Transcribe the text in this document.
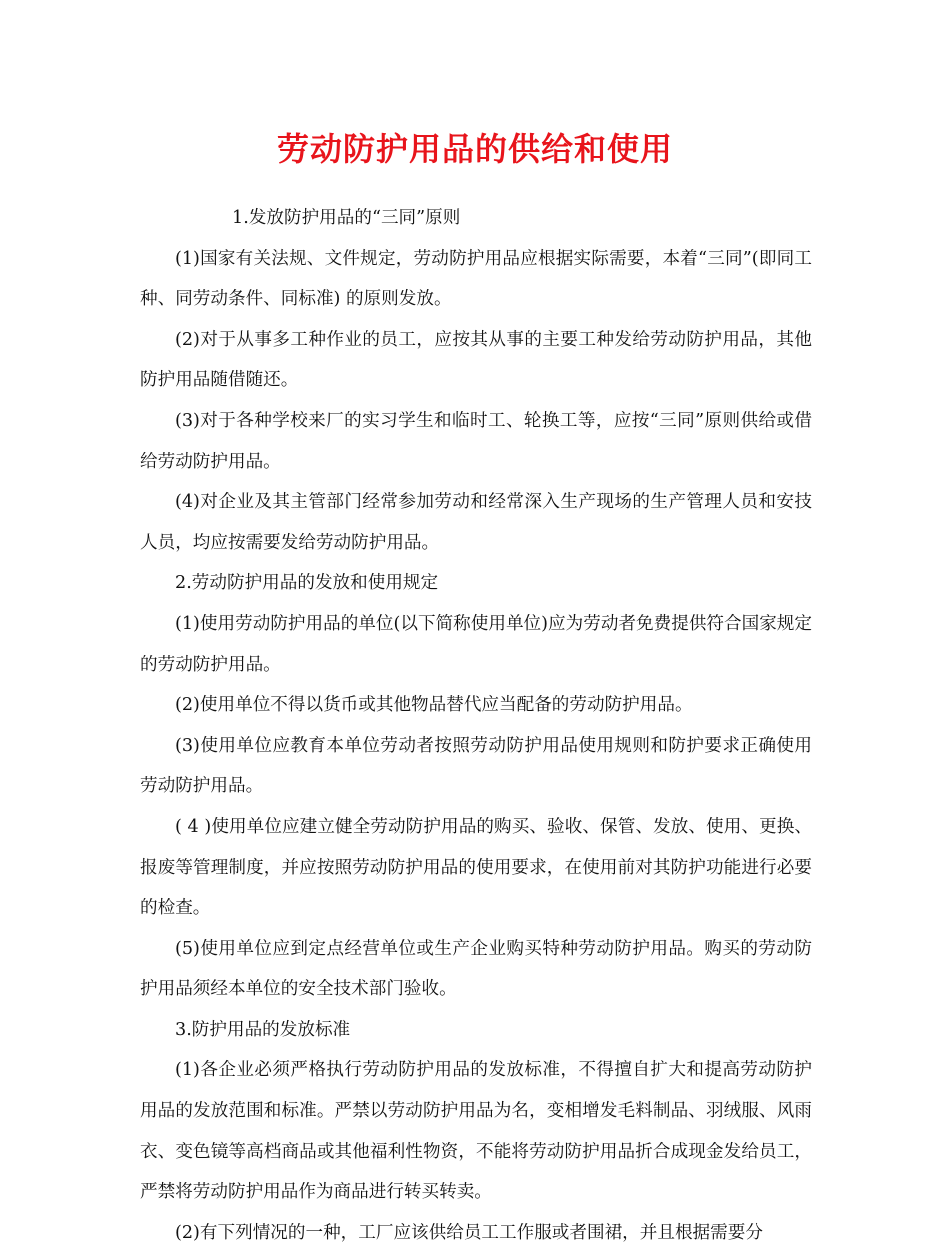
劳动防护用品的供给和使用

1.发放防护用品的“三同”原则

(1)国家有关法规、文件规定，劳动防护用品应根据实际需要，本着“三同”(即同工种、同劳动条件、同标准) 的原则发放。

(2)对于从事多工种作业的员工，应按其从事的主要工种发给劳动防护用品，其他防护用品随借随还。

(3)对于各种学校来厂的实习学生和临时工、轮换工等，应按“三同”原则供给或借给劳动防护用品。

(4)对企业及其主管部门经常参加劳动和经常深入生产现场的生产管理人员和安技人员，均应按需要发给劳动防护用品。

2.劳动防护用品的发放和使用规定

(1)使用劳动防护用品的单位(以下简称使用单位)应为劳动者免费提供符合国家规定的劳动防护用品。

(2)使用单位不得以货币或其他物品替代应当配备的劳动防护用品。

(3)使用单位应教育本单位劳动者按照劳动防护用品使用规则和防护要求正确使用劳动防护用品。

( 4 )使用单位应建立健全劳动防护用品的购买、验收、保管、发放、使用、更换、报废等管理制度，并应按照劳动防护用品的使用要求，在使用前对其防护功能进行必要的检查。

(5)使用单位应到定点经营单位或生产企业购买特种劳动防护用品。购买的劳动防护用品须经本单位的安全技术部门验收。

3.防护用品的发放标准

(1)各企业必须严格执行劳动防护用品的发放标准，不得擅自扩大和提高劳动防护用品的发放范围和标准。严禁以劳动防护用品为名，变相增发毛料制品、羽绒服、风雨衣、变色镜等高档商品或其他福利性物资，不能将劳动防护用品折合成现金发给员工，严禁将劳动防护用品作为商品进行转买转卖。

(2)有下列情况的一种，工厂应该供给员工工作服或者围裙，并且根据需要分
